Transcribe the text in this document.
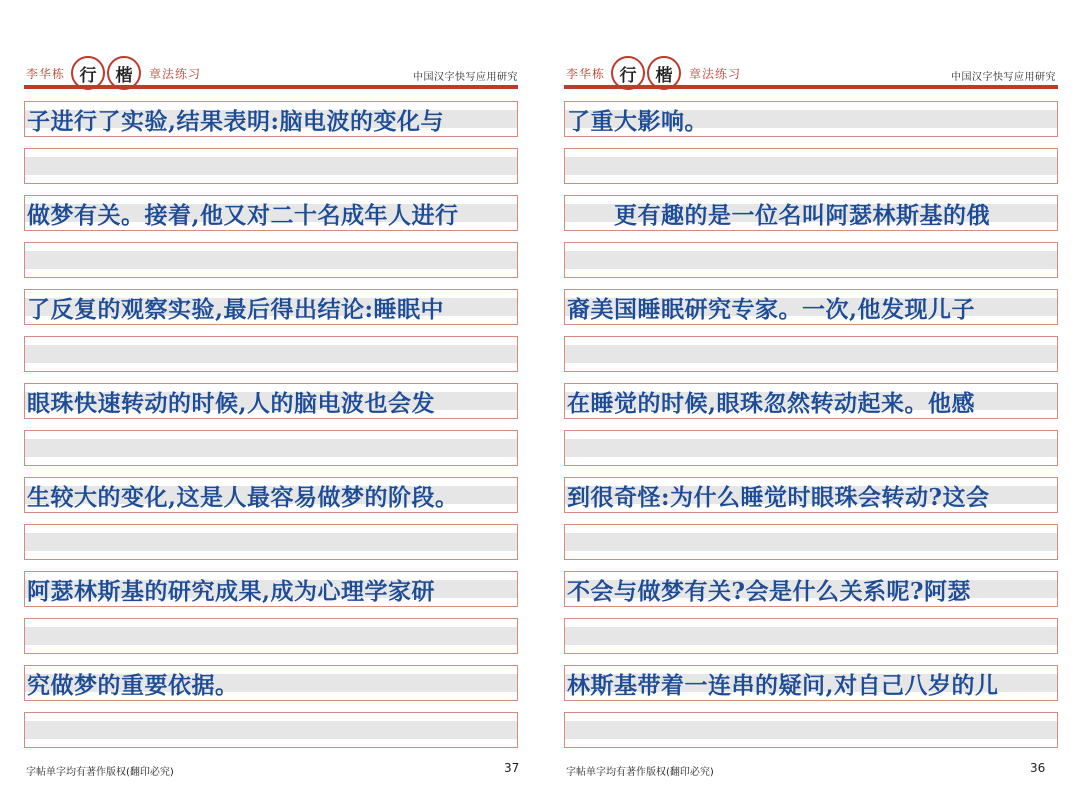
李华栋 行	楷	章法练习	中国汉字快写应用研究
子进行了实验,结果表明:脑电波的变化与
做梦有关。接着,他又对二十名成年人进行
了反复的观察实验,最后得出结论:睡眠中
眼珠快速转动的时候,人的脑电波也会发
生较大的变化,这是人最容易做梦的阶段。
阿瑟林斯基的研究成果,成为心理学家研
究做梦的重要依据。
字帖单字均有著作版权(翻印必究)	37
李华栋 行	楷	章法练习	中国汉字快写应用研究
了重大影响。
　　更有趣的是一位名叫阿瑟林斯基的俄
裔美国睡眠研究专家。一次,他发现儿子
在睡觉的时候,眼珠忽然转动起来。他感
到很奇怪:为什么睡觉时眼珠会转动?这会
不会与做梦有关?会是什么关系呢?阿瑟
林斯基带着一连串的疑问,对自己八岁的儿
字帖单字均有著作版权(翻印必究)	36
